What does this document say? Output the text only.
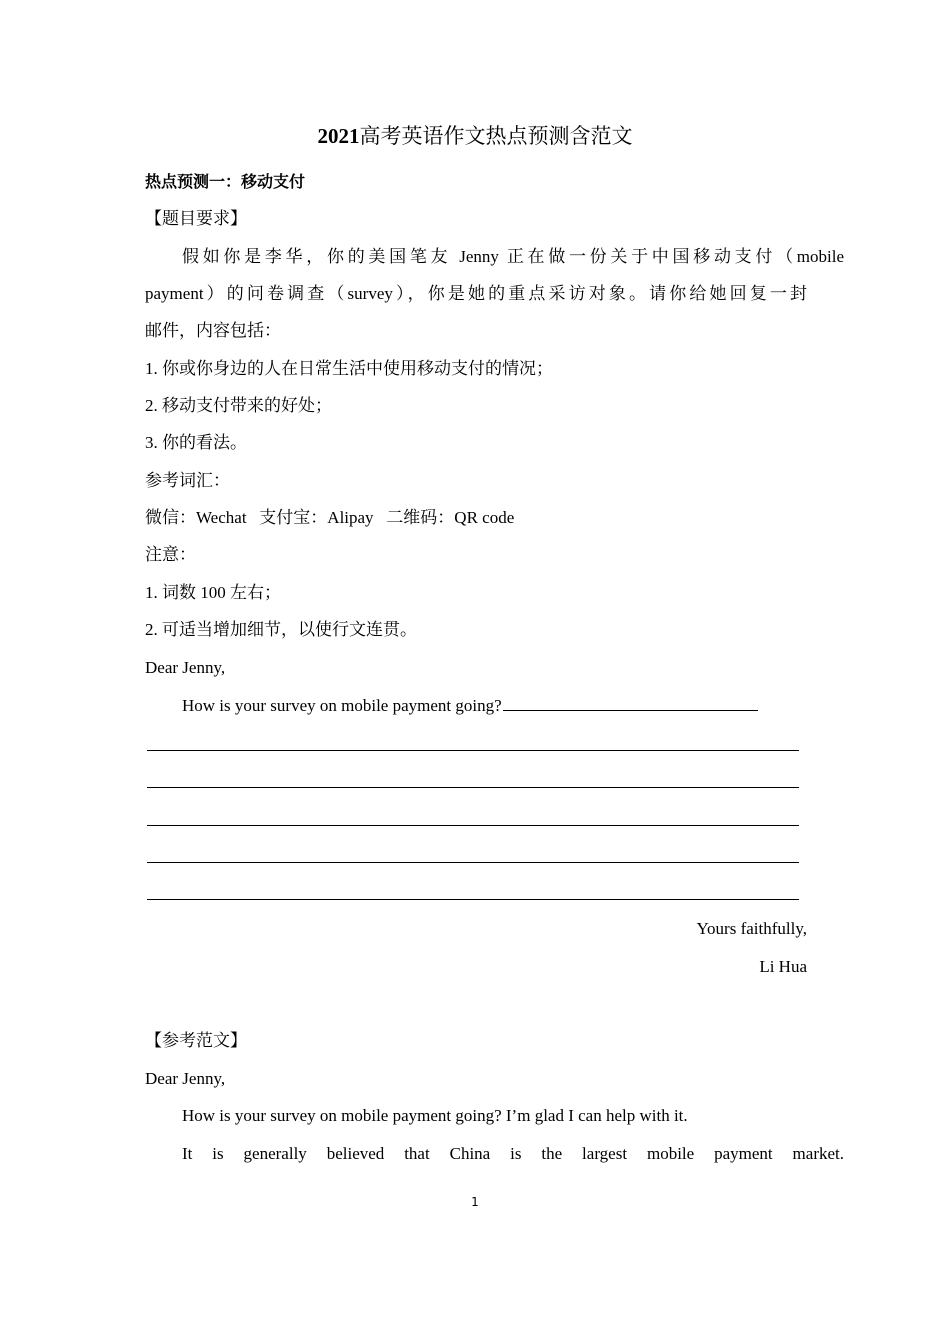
2021高考英语作文热点预测含范文
热点预测一：移动支付
【题目要求】
假如你是李华，你的美国笔友 Jenny 正在做一份关于中国移动支付（mobile
payment）的问卷调查（survey），你是她的重点采访对象。请你给她回复一封
邮件，内容包括：
1. 你或你身边的人在日常生活中使用移动支付的情况；
2. 移动支付带来的好处；
3. 你的看法。
参考词汇：
微信：Wechat   支付宝：Alipay   二维码：QR code
注意：
1. 词数 100 左右；
2. 可适当增加细节，以使行文连贯。
Dear Jenny,
How is your survey on mobile payment going?
Yours faithfully,
Li Hua
【参考范文】
Dear Jenny,
How is your survey on mobile payment going? I’m glad I can help with it.
It is generally believed that China is the largest mobile payment market.
1
